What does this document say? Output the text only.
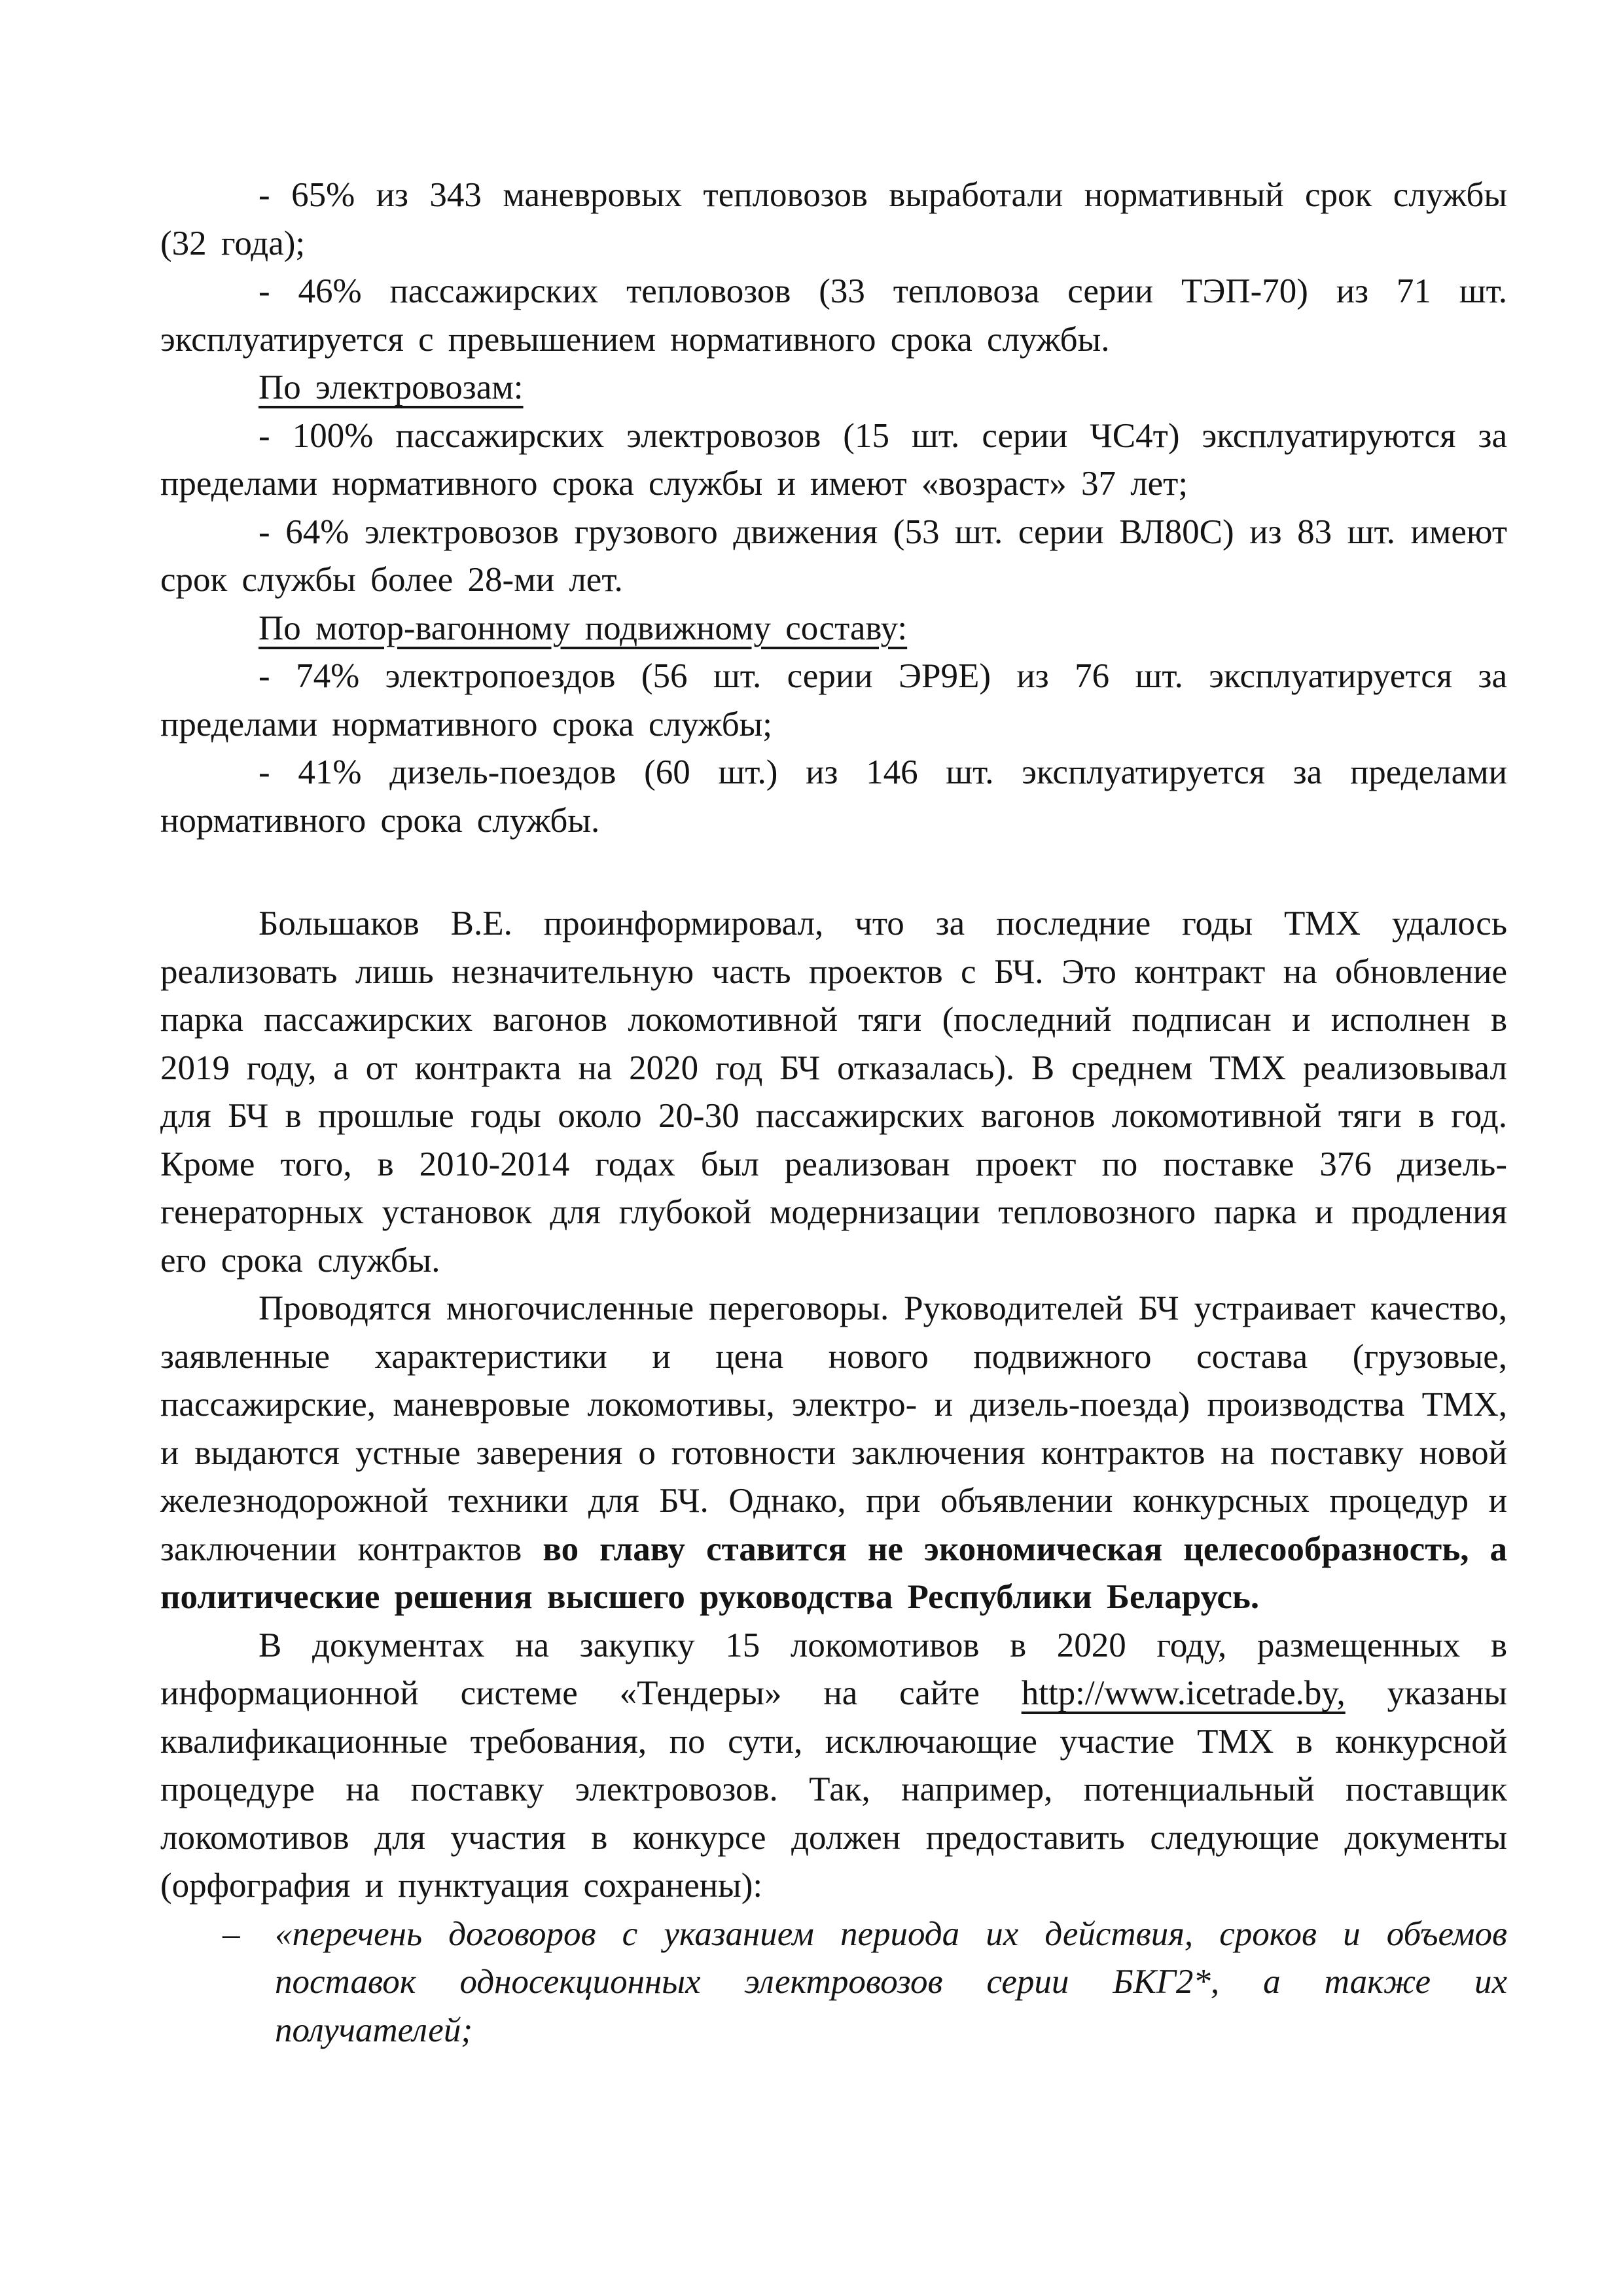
- 65% из 343 маневровых тепловозов выработали нормативный срок службы (32 года);

- 46% пассажирских тепловозов (33 тепловоза серии ТЭП-70) из 71 шт. эксплуатируется с превышением нормативного срока службы.

По электровозам:

- 100% пассажирских электровозов (15 шт. серии ЧС4т) эксплуатируются за пределами нормативного срока службы и имеют «возраст» 37 лет;

- 64% электровозов грузового движения (53 шт. серии ВЛ80С) из 83 шт. имеют срок службы более 28-ми лет.

По мотор-вагонному подвижному составу:

- 74% электропоездов (56 шт. серии ЭР9Е) из 76 шт. эксплуатируется за пределами нормативного срока службы;

- 41% дизель-поездов (60 шт.) из 146 шт. эксплуатируется за пределами нормативного срока службы.

Большаков В.Е. проинформировал, что за последние годы ТМХ удалось реализовать лишь незначительную часть проектов с БЧ. Это контракт на обновление парка пассажирских вагонов локомотивной тяги (последний подписан и исполнен в 2019 году, а от контракта на 2020 год БЧ отказалась). В среднем ТМХ реализовывал для БЧ в прошлые годы около 20-30 пассажирских вагонов локомотивной тяги в год. Кроме того, в 2010-2014 годах был реализован проект по поставке 376 дизель-генераторных установок для глубокой модернизации тепловозного парка и продления его срока службы.

Проводятся многочисленные переговоры. Руководителей БЧ устраивает качество, заявленные характеристики и цена нового подвижного состава (грузовые, пассажирские, маневровые локомотивы, электро- и дизель-поезда) производства ТМХ, и выдаются устные заверения о готовности заключения контрактов на поставку новой железнодорожной техники для БЧ. Однако, при объявлении конкурсных процедур и заключении контрактов во главу ставится не экономическая целесообразность, а политические решения высшего руководства Республики Беларусь.

В документах на закупку 15 локомотивов в 2020 году, размещенных в информационной системе «Тендеры» на сайте http://www.icetrade.by, указаны квалификационные требования, по сути, исключающие участие ТМХ в конкурсной процедуре на поставку электровозов. Так, например, потенциальный поставщик локомотивов для участия в конкурсе должен предоставить следующие документы (орфография и пунктуация сохранены):

–	«перечень договоров с указанием периода их действия, сроков и объемов поставок односекционных электровозов серии БКГ2*, а также их получателей;
